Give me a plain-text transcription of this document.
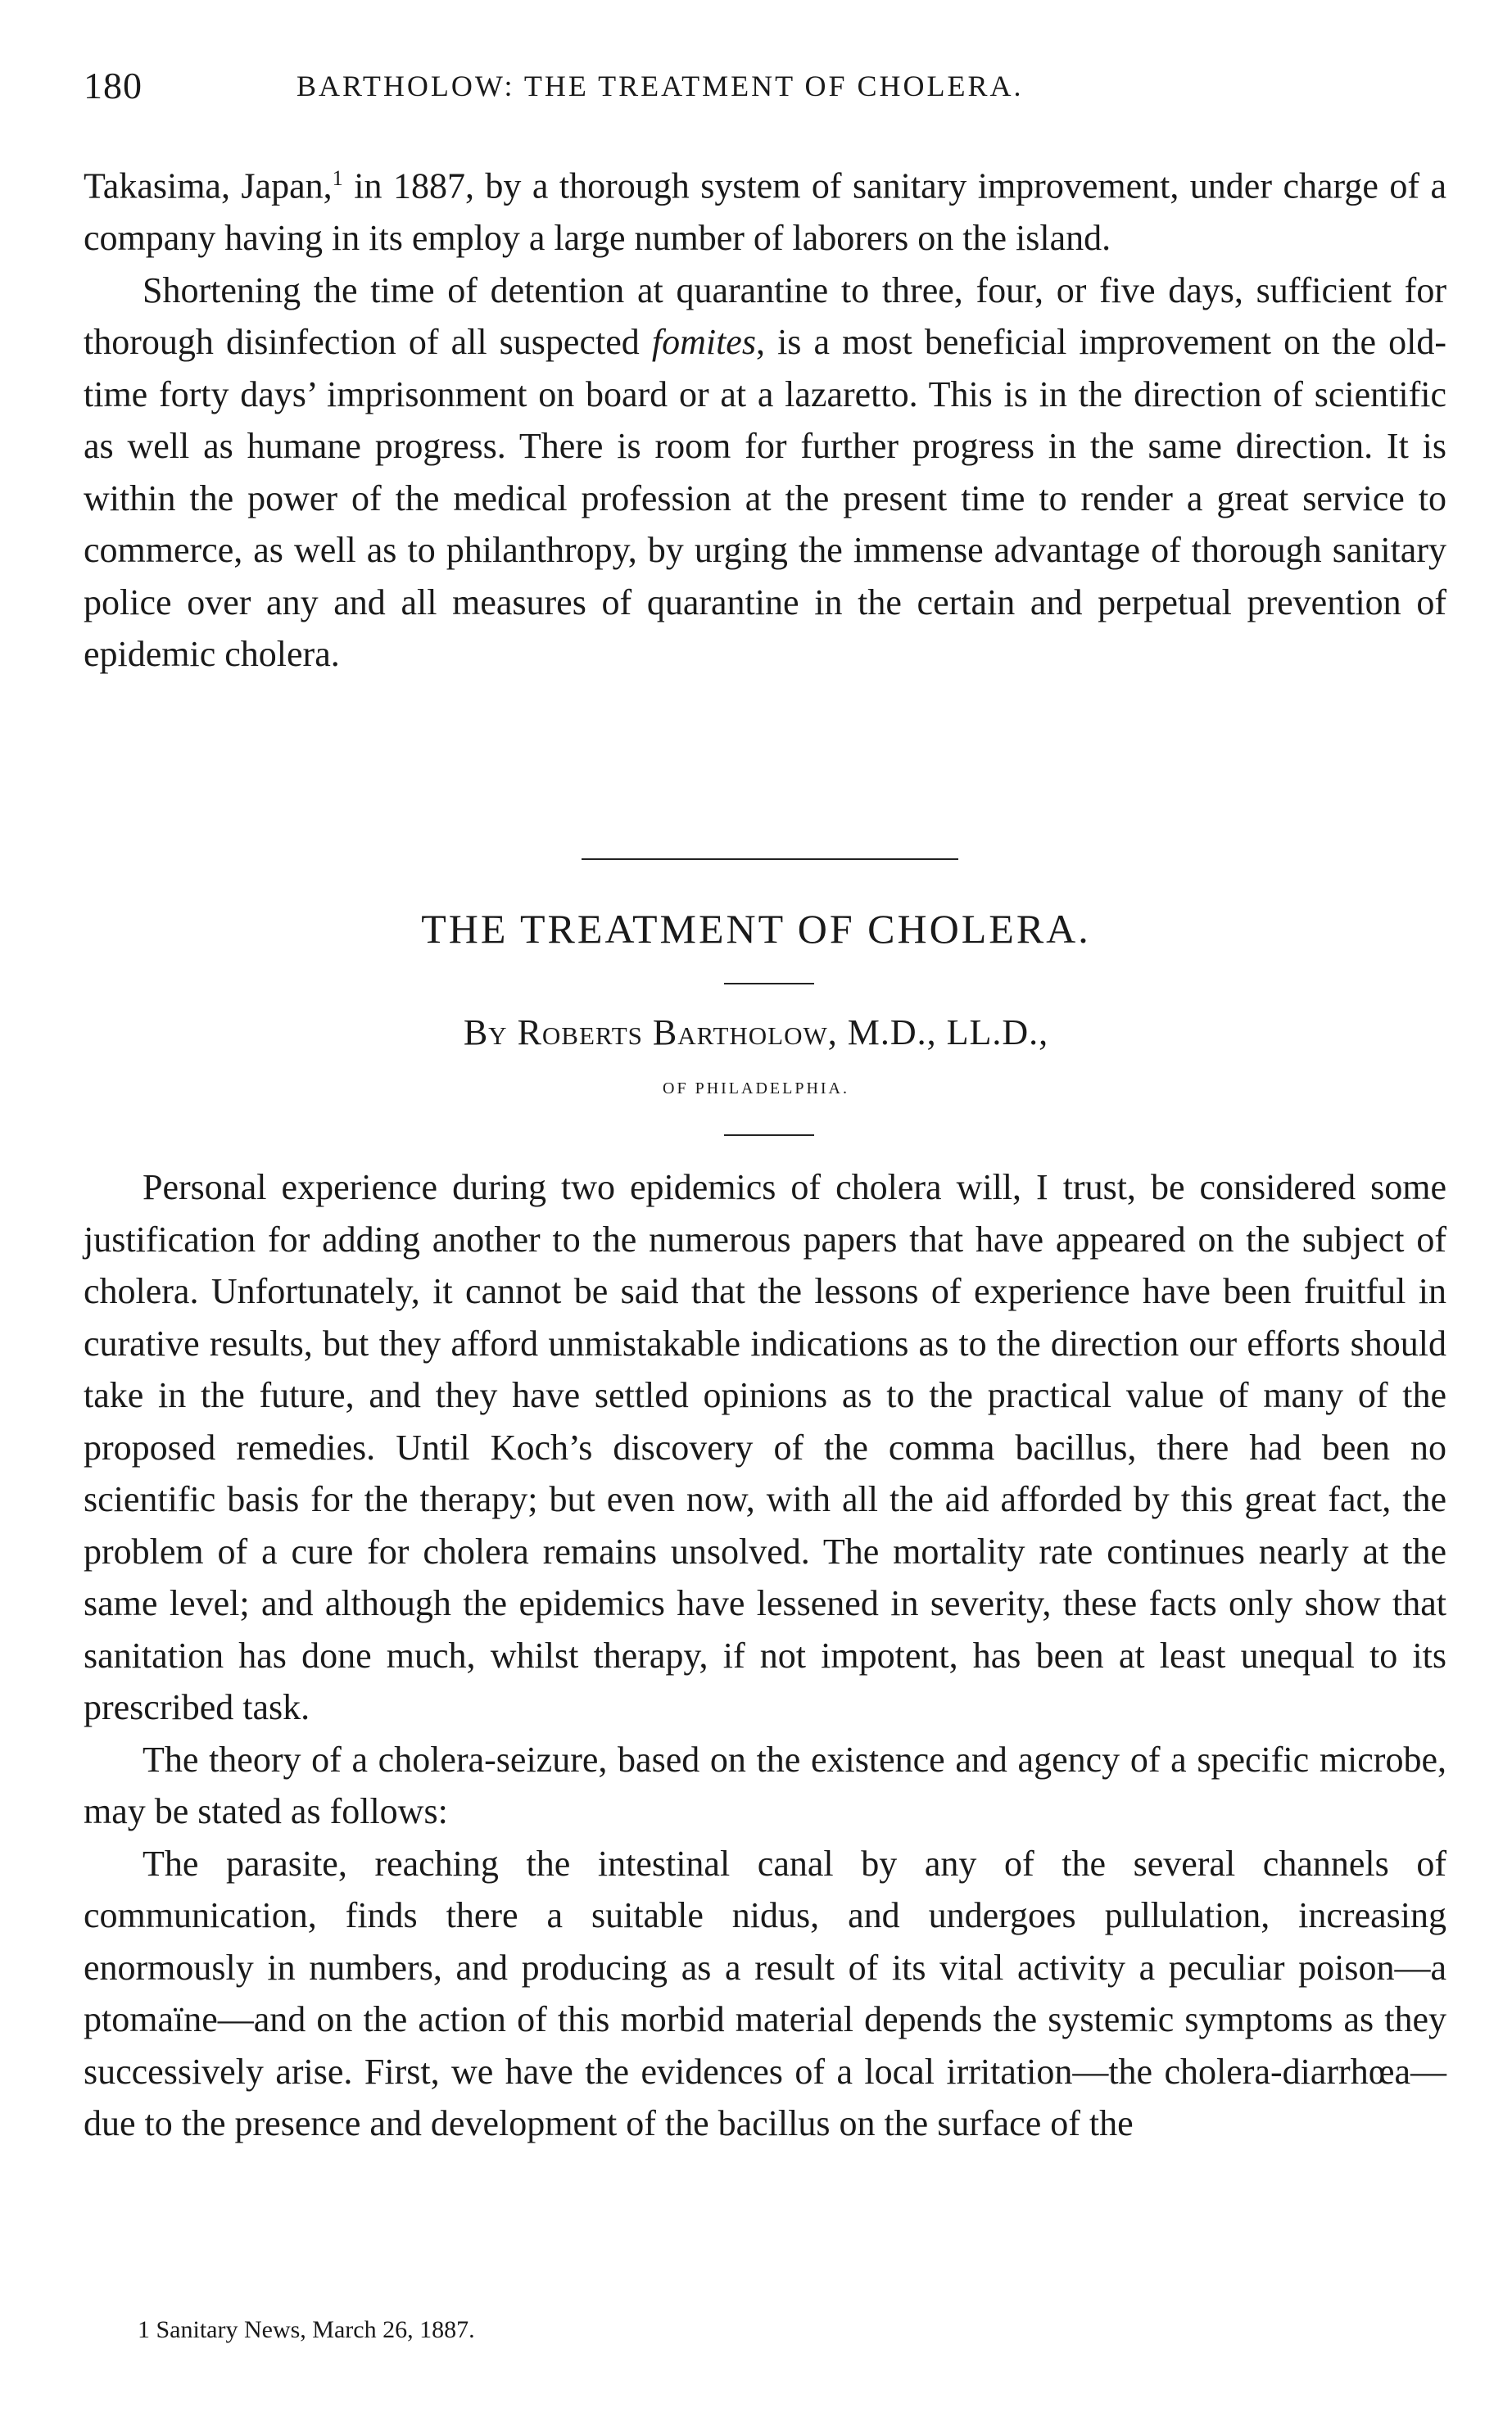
180	BARTHOLOW: THE TREATMENT OF CHOLERA.

Takasima, Japan,$^1$ in 1887, by a thorough system of sanitary improvement, under charge of a company having in its employ a large number of laborers on the island.

Shortening the time of detention at quarantine to three, four, or five days, sufficient for thorough disinfection of all suspected fomites, is a most beneficial improvement on the old-time forty days’ imprisonment on board or at a lazaretto. This is in the direction of scientific as well as humane progress. There is room for further progress in the same direction. It is within the power of the medical profession at the present time to render a great service to commerce, as well as to philanthropy, by urging the immense advantage of thorough sanitary police over any and all measures of quarantine in the certain and perpetual prevention of epidemic cholera.

THE TREATMENT OF CHOLERA.
By Roberts Bartholow, M.D., LL.D.,
OF PHILADELPHIA.

Personal experience during two epidemics of cholera will, I trust, be considered some justification for adding another to the numerous papers that have appeared on the subject of cholera. Unfortunately, it cannot be said that the lessons of experience have been fruitful in curative results, but they afford unmistakable indications as to the direction our efforts should take in the future, and they have settled opinions as to the practical value of many of the proposed remedies. Until Koch’s discovery of the comma bacillus, there had been no scientific basis for the therapy; but even now, with all the aid afforded by this great fact, the problem of a cure for cholera remains unsolved. The mortality rate continues nearly at the same level; and although the epidemics have lessened in severity, these facts only show that sanitation has done much, whilst therapy, if not impotent, has been at least unequal to its prescribed task.

The theory of a cholera-seizure, based on the existence and agency of a specific microbe, may be stated as follows:

The parasite, reaching the intestinal canal by any of the several channels of communication, finds there a suitable nidus, and undergoes pullulation, increasing enormously in numbers, and producing as a result of its vital activity a peculiar poison—a ptomaïne—and on the action of this morbid material depends the systemic symptoms as they successively arise. First, we have the evidences of a local irritation—the cholera-diarrhœa—due to the presence and development of the bacillus on the surface of the

1 Sanitary News, March 26, 1887.
